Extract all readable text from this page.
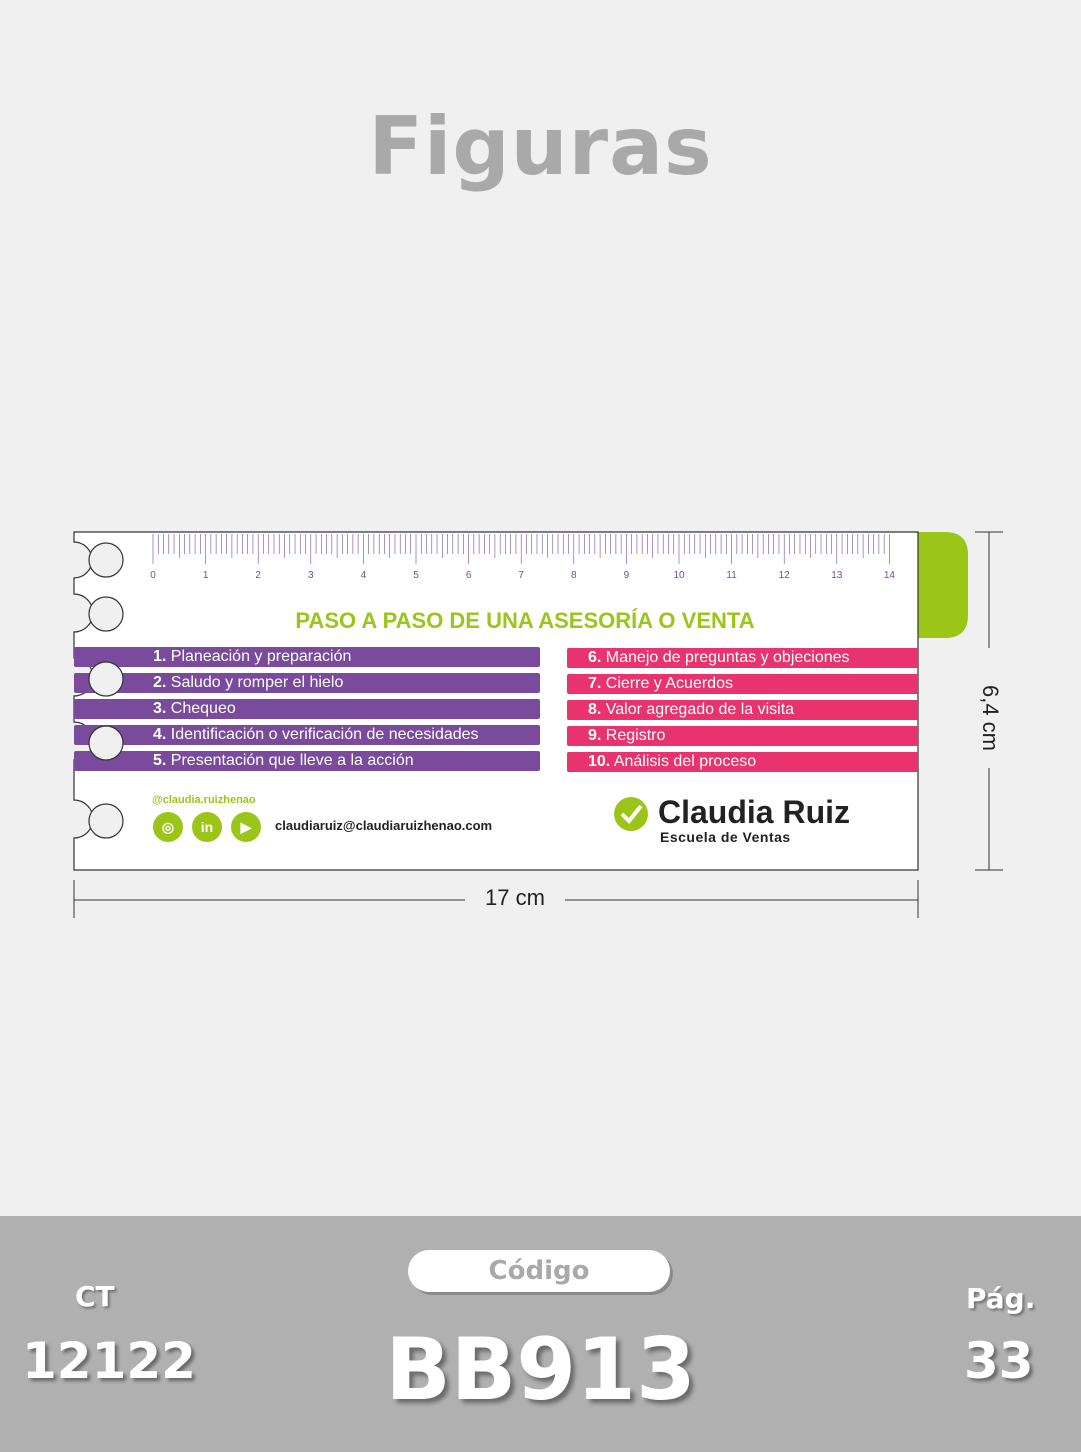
Figuras
0	1	2	3	4	5	6	7	8	9	10	11	12	13	14
PASO A PASO DE UNA ASESORÍA O VENTA
1. Planeación y preparación
2. Saludo y romper el hielo
3. Chequeo
4. Identificación o verificación de necesidades
5. Presentación que lleve a la acción
6. Manejo de preguntas y objeciones
7. Cierre y Acuerdos
8. Valor agregado de la visita
9. Registro
10. Análisis del proceso
@claudia.ruizhenao
◎	in	▶	claudiaruiz@claudiaruizhenao.com	Claudia Ruiz
Escuela de Ventas
17 cm
6,4 cm
CT
12122
Código
BB913
Pág.
33
